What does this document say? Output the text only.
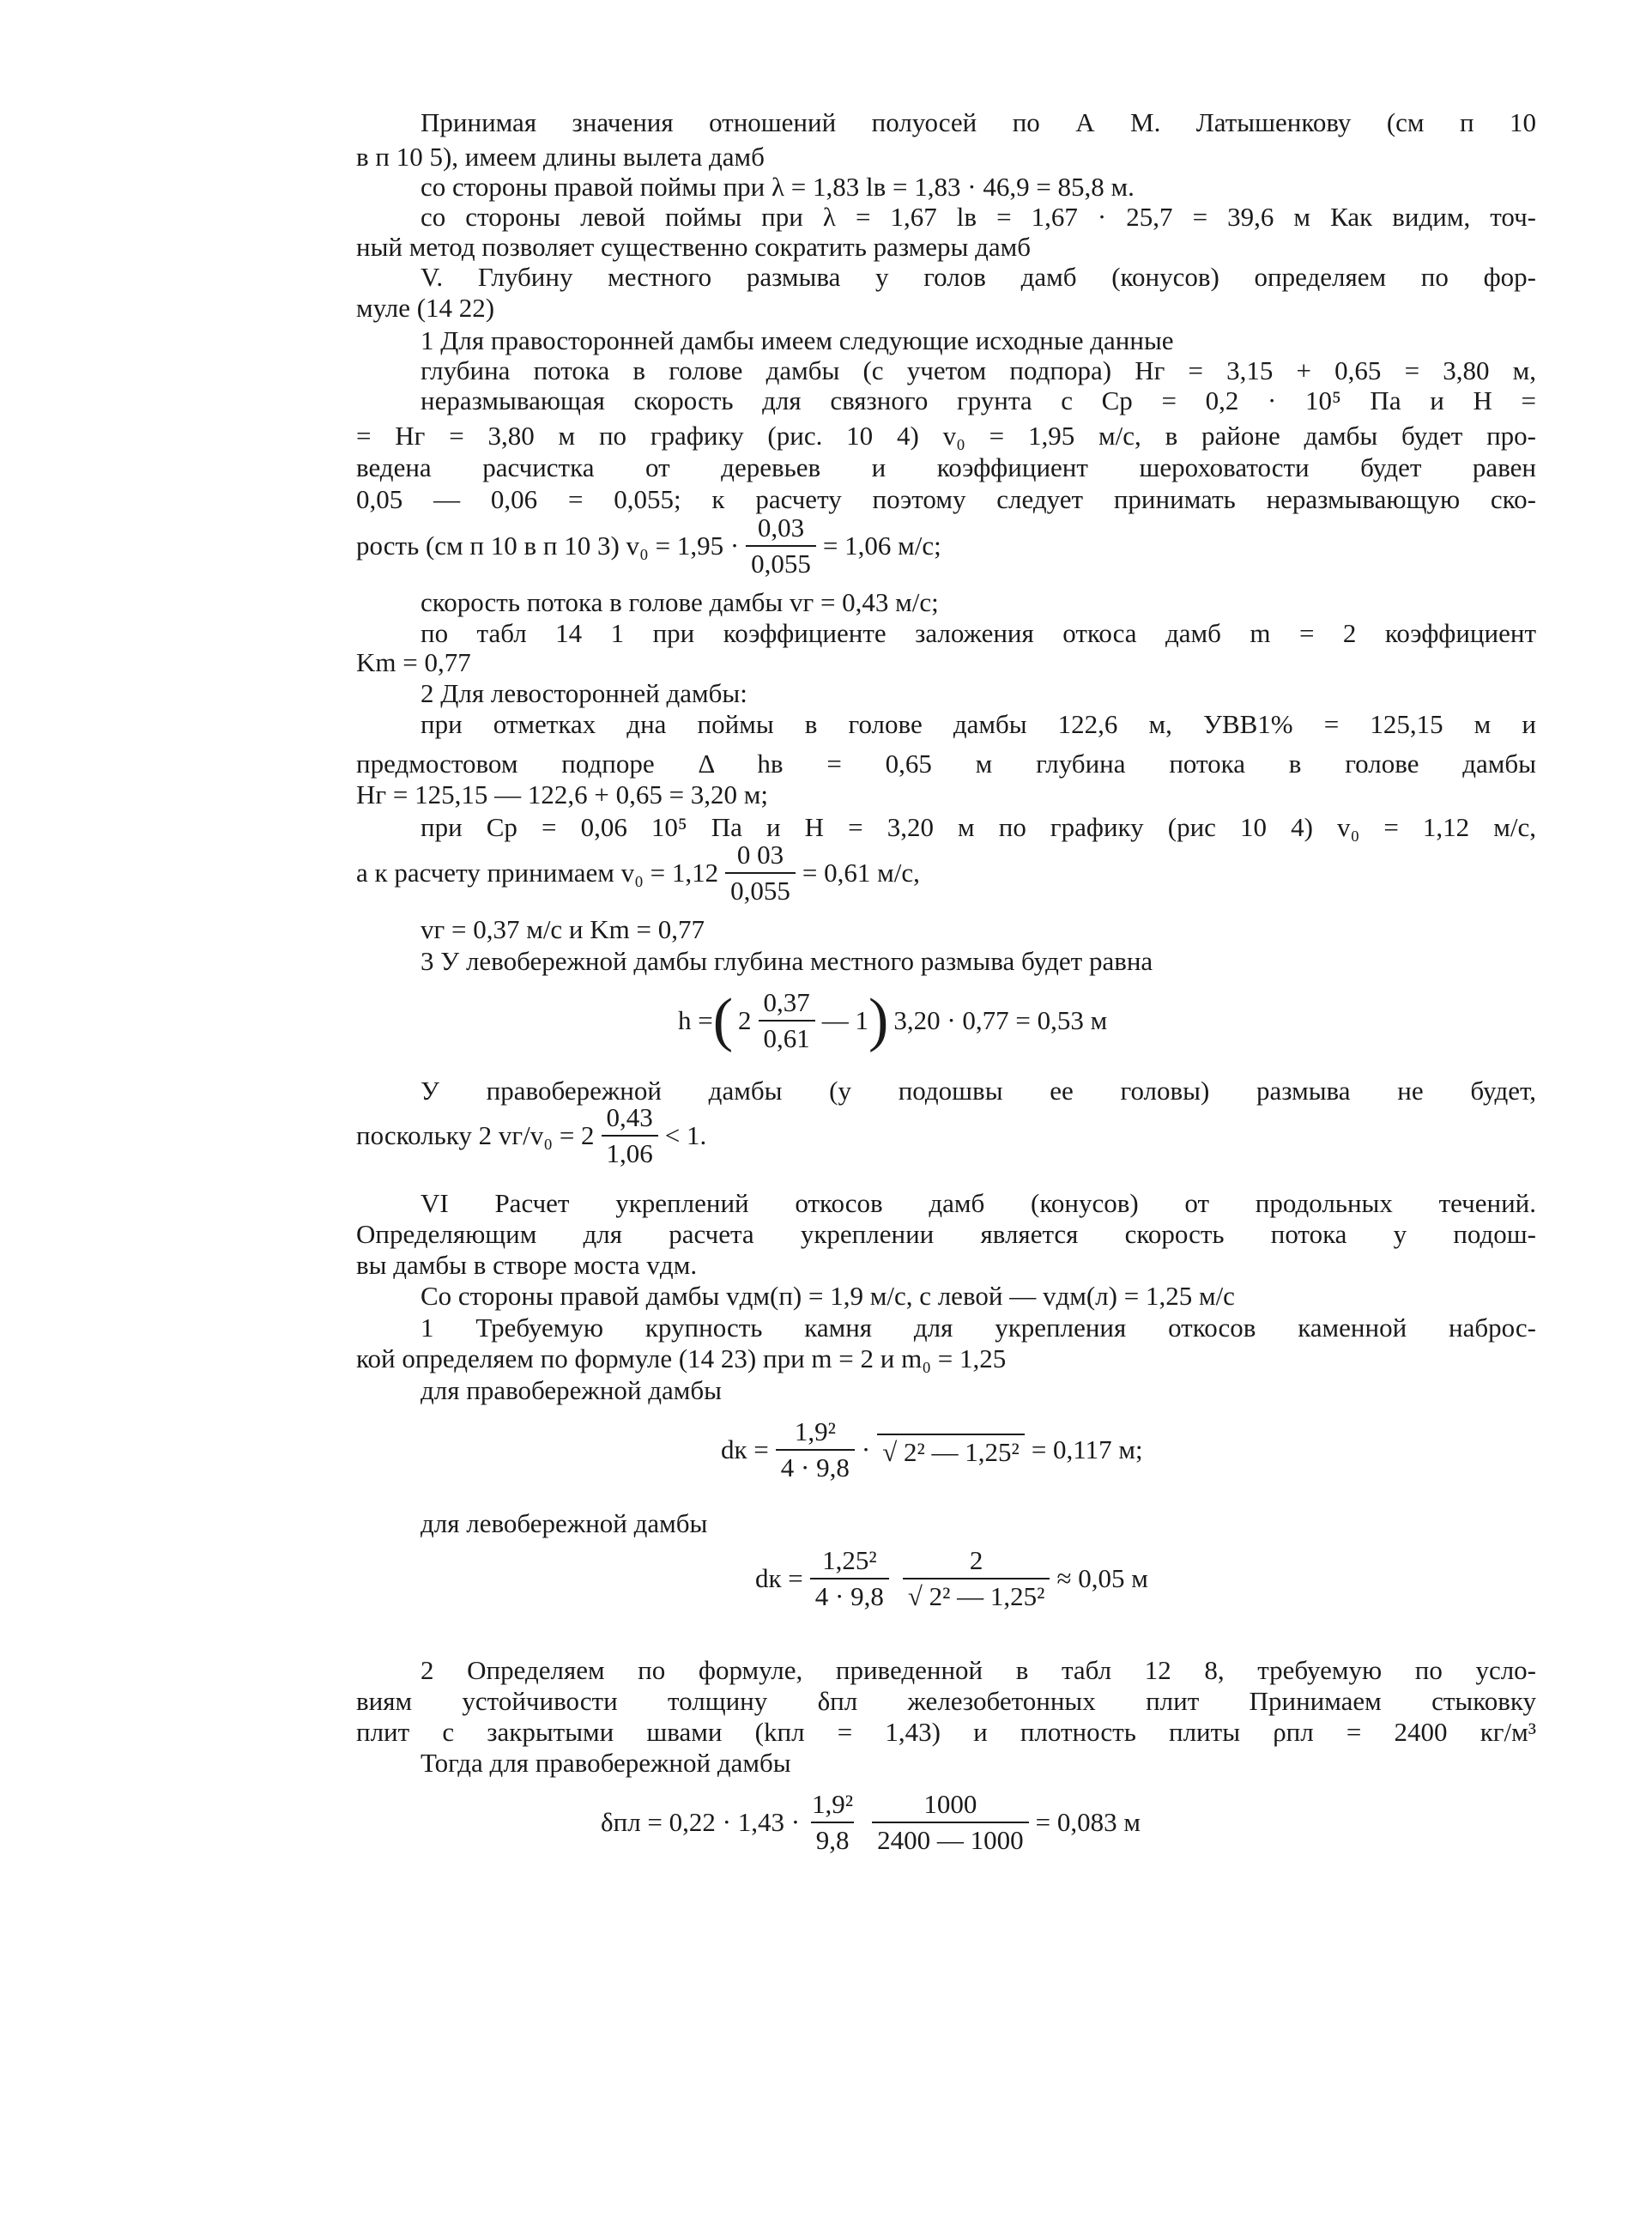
Принимая значения отношений полуосей по А М. Латышенкову (см п 10
в п 10 5), имеем длины вылета дамб
со стороны правой поймы при λ = 1,83 lв = 1,83 · 46,9 = 85,8 м.
со стороны левой поймы при λ = 1,67 lв = 1,67 · 25,7 = 39,6 м Как видим, точ-
ный метод позволяет существенно сократить размеры дамб
V. Глубину местного размыва у голов дамб (конусов) определяем по фор-
муле (14 22)
1 Для правосторонней дамбы имеем следующие исходные данные
глубина потока в голове дамбы (с учетом подпора) Hг = 3,15 + 0,65 = 3,80 м,
неразмывающая скорость для связного грунта с Cр = 0,2 · 10⁵ Па и H =
= Hг = 3,80 м по графику (рис. 10 4) v₀ = 1,95 м/с, в районе дамбы будет про-
ведена расчистка от деревьев и коэффициент шероховатости будет равен
0,05 — 0,06 = 0,055; к расчету поэтому следует принимать неразмывающую ско-
рость (см п 10 в п 10 3) $v_0 = 1,95 \cdot \frac{0,03}{0,055} = 1,06$ м/с;
скорость потока в голове дамбы vг = 0,43 м/с;
по табл 14 1 при коэффициенте заложения откоса дамб m = 2 коэффициент
Km = 0,77
2 Для левосторонней дамбы:
при отметках дна поймы в голове дамбы 122,6 м, УВВ1% = 125,15 м и
предмостовом подпоре Δ hв = 0,65 м глубина потока в голове дамбы
Hг = 125,15 — 122,6 + 0,65 = 3,20 м;
при Cр = 0,06 10⁵ Па и H = 3,20 м по графику (рис 10 4) v₀ = 1,12 м/с,
а к расчету принимаем $v_0 = 1,12 \frac{0 03}{0,055} = 0,61$ м/с,
vг = 0,37 м/с и Km = 0,77
3 У левобережной дамбы глубина местного размыва будет равна
h = ( $2 \frac{0,37}{0,61}$ — 1 ) 3,20 · 0,77 = 0,53 м
У правобережной дамбы (у подошвы ее головы) размыва не будет,
поскольку 2 $vг/v_0 = 2 \frac{0,43}{1,06} < 1$.
VI Расчет укреплений откосов дамб (конусов) от продольных течений.
Определяющим для расчета укреплении является скорость потока у подош-
вы дамбы в створе моста vдм.
Со стороны правой дамбы vдм(п) = 1,9 м/с, с левой — vдм(л) = 1,25 м/с
1 Требуемую крупность камня для укрепления откосов каменной наброс-
кой определяем по формуле (14 23) при m = 2 и m₀ = 1,25
для правобережной дамбы
dк = $\frac{\text{1,9²}}{4 \cdot 9,8}$ · √ 2² — 1,25² = 0,117 м;
для левобережной дамбы
dк = $\frac{\text{1,25²}}{4 \cdot 9,8} \frac{2}{\text{√ 2² — 1,25²}} \approx 0,05$ м
2 Определяем по формуле, приведенной в табл 12 8, требуемую по усло-
виям устойчивости толщину δпл железобетонных плит Принимаем стыковку
плит с закрытыми швами (kпл = 1,43) и плотность плиты ρпл = 2400 кг/м³
Тогда для правобережной дамбы
$\delta пл = 0,22 \cdot 1,43 \cdot \frac{\text{1,9²}}{9,8} \frac{1000}{2400 — 1000} = 0,083$ м
